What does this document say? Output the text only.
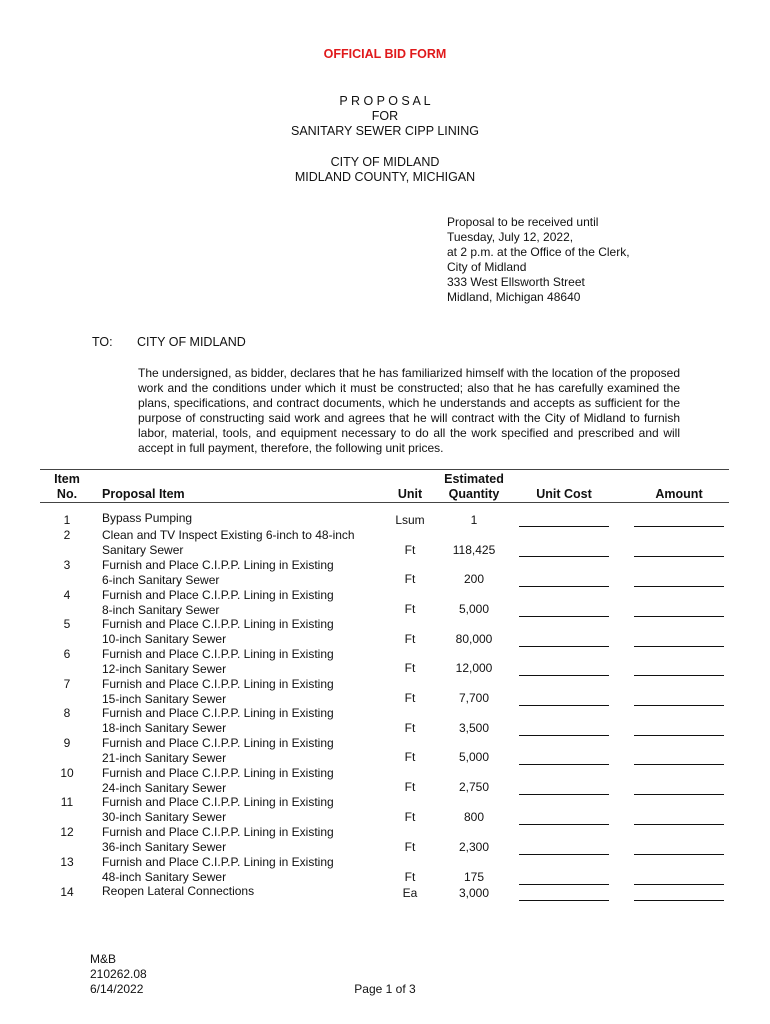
OFFICIAL BID FORM
P R O P O S A L
FOR
SANITARY SEWER CIPP LINING
CITY OF MIDLAND
MIDLAND COUNTY, MICHIGAN
Proposal to be received until
Tuesday, July 12, 2022,
at 2 p.m. at the Office of the Clerk,
City of Midland
333 West Ellsworth Street
Midland, Michigan 48640
TO: CITY OF MIDLAND
The undersigned, as bidder, declares that he has familiarized himself with the location of the proposed work and the conditions under which it must be constructed; also that he has carefully examined the plans, specifications, and contract documents, which he understands and accepts as sufficient for the purpose of constructing said work and agrees that he will contract with the City of Midland to furnish labor, material, tools, and equipment necessary to do all the work specified and prescribed and will accept in full payment, therefore, the following unit prices.
Item
No.	Proposal Item	Unit
Estimated
Quantity	Unit Cost	Amount
1	Bypass Pumping	Lsum	1
2	Clean and TV Inspect Existing 6-inch to 48-inch
Sanitary Sewer	Ft	118,425
3	Furnish and Place C.I.P.P. Lining in Existing
6-inch Sanitary Sewer	Ft	200
4	Furnish and Place C.I.P.P. Lining in Existing
8-inch Sanitary Sewer	Ft	5,000
5	Furnish and Place C.I.P.P. Lining in Existing
10-inch Sanitary Sewer	Ft	80,000
6	Furnish and Place C.I.P.P. Lining in Existing
12-inch Sanitary Sewer	Ft	12,000
7	Furnish and Place C.I.P.P. Lining in Existing
15-inch Sanitary Sewer	Ft	7,700
8	Furnish and Place C.I.P.P. Lining in Existing
18-inch Sanitary Sewer	Ft	3,500
9	Furnish and Place C.I.P.P. Lining in Existing
21-inch Sanitary Sewer	Ft	5,000
10	Furnish and Place C.I.P.P. Lining in Existing
24-inch Sanitary Sewer	Ft	2,750
11	Furnish and Place C.I.P.P. Lining in Existing
30-inch Sanitary Sewer	Ft	800
12	Furnish and Place C.I.P.P. Lining in Existing
36-inch Sanitary Sewer	Ft	2,300
13	Furnish and Place C.I.P.P. Lining in Existing
48-inch Sanitary Sewer	Ft	175
14	Reopen Lateral Connections	Ea	3,000
M&B
210262.08
6/14/2022	Page 1 of 3
